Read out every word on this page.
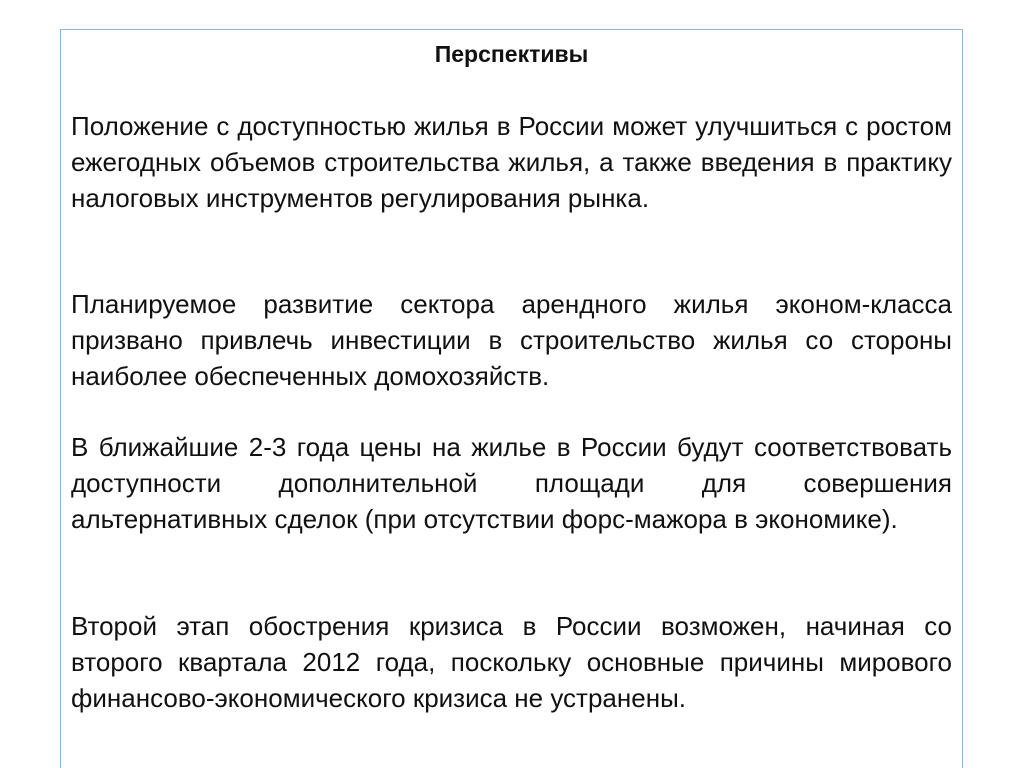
Перспективы

Положение с доступностью жилья в России может улучшиться с ростом ежегодных объемов строительства жилья, а также введения в практику налоговых инструментов регулирования рынка.

Планируемое развитие сектора арендного жилья эконом-класса призвано привлечь инвестиции в строительство жилья со стороны наиболее обеспеченных домохозяйств.

В ближайшие 2-3 года цены на жилье в России будут соответствовать доступности дополнительной площади для совершения альтернативных сделок (при отсутствии форс-мажора в экономике).

Второй этап обострения кризиса в России возможен, начиная со второго квартала 2012 года, поскольку основные причины мирового финансово-экономического кризиса не устранены.
